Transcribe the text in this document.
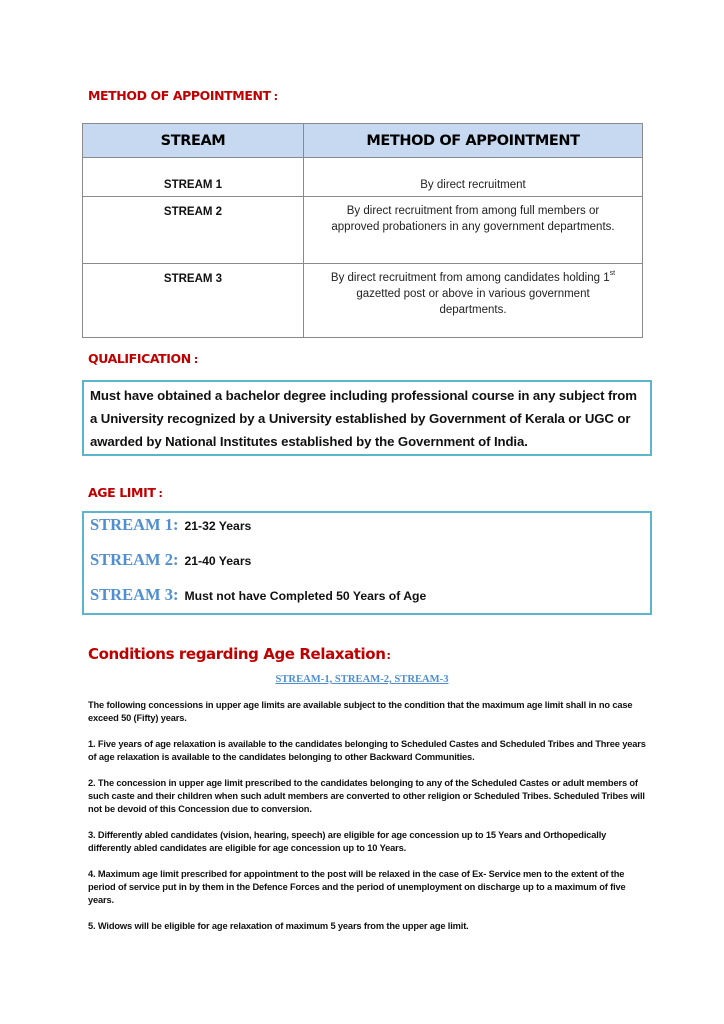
METHOD OF APPOINTMENT :
STREAM	METHOD OF APPOINTMENT
STREAM 1	By direct recruitment
STREAM 2	By direct recruitment from among full members or
approved probationers in any government departments.
STREAM 3	By direct recruitment from among candidates holding 1st gazetted post or above in various government departments.
QUALIFICATION :
Must have obtained a bachelor degree including professional course in any subject from a University recognized by a University established by Government of Kerala or UGC or awarded by National Institutes established by the Government of India.
AGE LIMIT :
STREAM 1: 21-32 Years
STREAM 2: 21-40 Years
STREAM 3: Must not have Completed 50 Years of Age
Conditions regarding Age Relaxation:
STREAM-1, STREAM-2, STREAM-3
The following concessions in upper age limits are available subject to the condition that the maximum age limit shall in no case exceed 50 (Fifty) years.
1. Five years of age relaxation is available to the candidates belonging to Scheduled Castes and Scheduled Tribes and Three years of age relaxation is available to the candidates belonging to other Backward Communities.
2. The concession in upper age limit prescribed to the candidates belonging to any of the Scheduled Castes or adult members of such caste and their children when such adult members are converted to other religion or Scheduled Tribes. Scheduled Tribes will not be devoid of this Concession due to conversion.
3. Differently abled candidates (vision, hearing, speech) are eligible for age concession up to 15 Years and Orthopedically differently abled candidates are eligible for age concession up to 10 Years.
4. Maximum age limit prescribed for appointment to the post will be relaxed in the case of Ex- Service men to the extent of the period of service put in by them in the Defence Forces and the period of unemployment on discharge up to a maximum of five years.
5. Widows will be eligible for age relaxation of maximum 5 years from the upper age limit.
